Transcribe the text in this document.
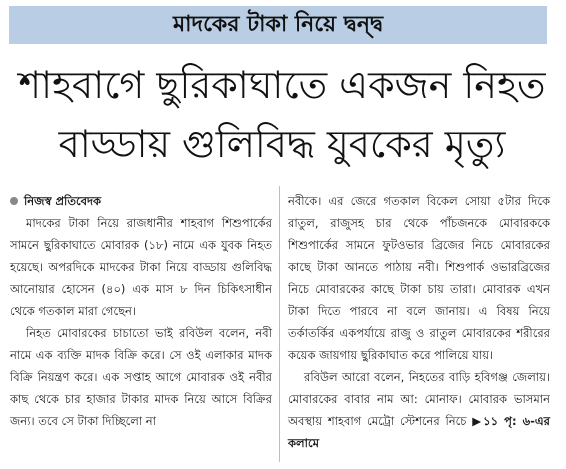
মাদকের টাকা নিয়ে দ্বন্দ্ব
শাহবাগে ছুরিকাঘাতে একজন নিহত
বাড্ডায় গুলিবিদ্ধ যুবকের মৃত্যু
নিজস্ব প্রতিবেদক

মাদকের টাকা নিয়ে রাজধানীর শাহবাগ শিশুপার্কের সামনে ছুরিকাঘাতে মোবারক (১৮) নামে এক যুবক নিহত হয়েছে। অপরদিকে মাদকের টাকা নিয়ে বাড্ডায় গুলিবিদ্ধ আনোয়ার হোসেন (৪০) এক মাস ৮ দিন চিকিৎসাধীন থেকে গতকাল মারা গেছেন।

নিহত মোবারকের চাচাতো ভাই রবিউল বলেন, নবী নামে এক ব্যক্তি মাদক বিক্রি করে। সে ওই এলাকার মাদক বিক্রি নিয়ন্ত্রণ করে। এক সপ্তাহ আগে মোবারক ওই নবীর কাছ থেকে চার হাজার টাকার মাদক নিয়ে আসে বিক্রির জন্য। তবে সে টাকা দিচ্ছিলো না

নবীকে। এর জেরে গতকাল বিকেল সোয়া ৫টার দিকে রাতুল, রাজুসহ চার থেকে পাঁচজনকে মোবারককে শিশুপার্কের সামনে ফুটওভার ব্রিজের নিচে মোবারকের কাছে টাকা আনতে পাঠায় নবী। শিশুপার্ক ওভারব্রিজের নিচে মোবারকের কাছে টাকা চায় তারা। মোবারক এখন টাকা দিতে পারবে না বলে জানায়। এ বিষয় নিয়ে তর্কাতর্কির একপর্যায়ে রাজু ও রাতুল মোবারকের শরীরের কয়েক জায়গায় ছুরিকাঘাত করে পালিয়ে যায়।

রবিউল আরো বলেন, নিহতের বাড়ি হবিগঞ্জ জেলায়। মোবারকের বাবার নাম আ: মোনাফ। মোবারক ভাসমান অবস্থায় শাহবাগ মেট্রো স্টেশনের নিচে ▶১১ পৃ: ৬-এর কলামে
